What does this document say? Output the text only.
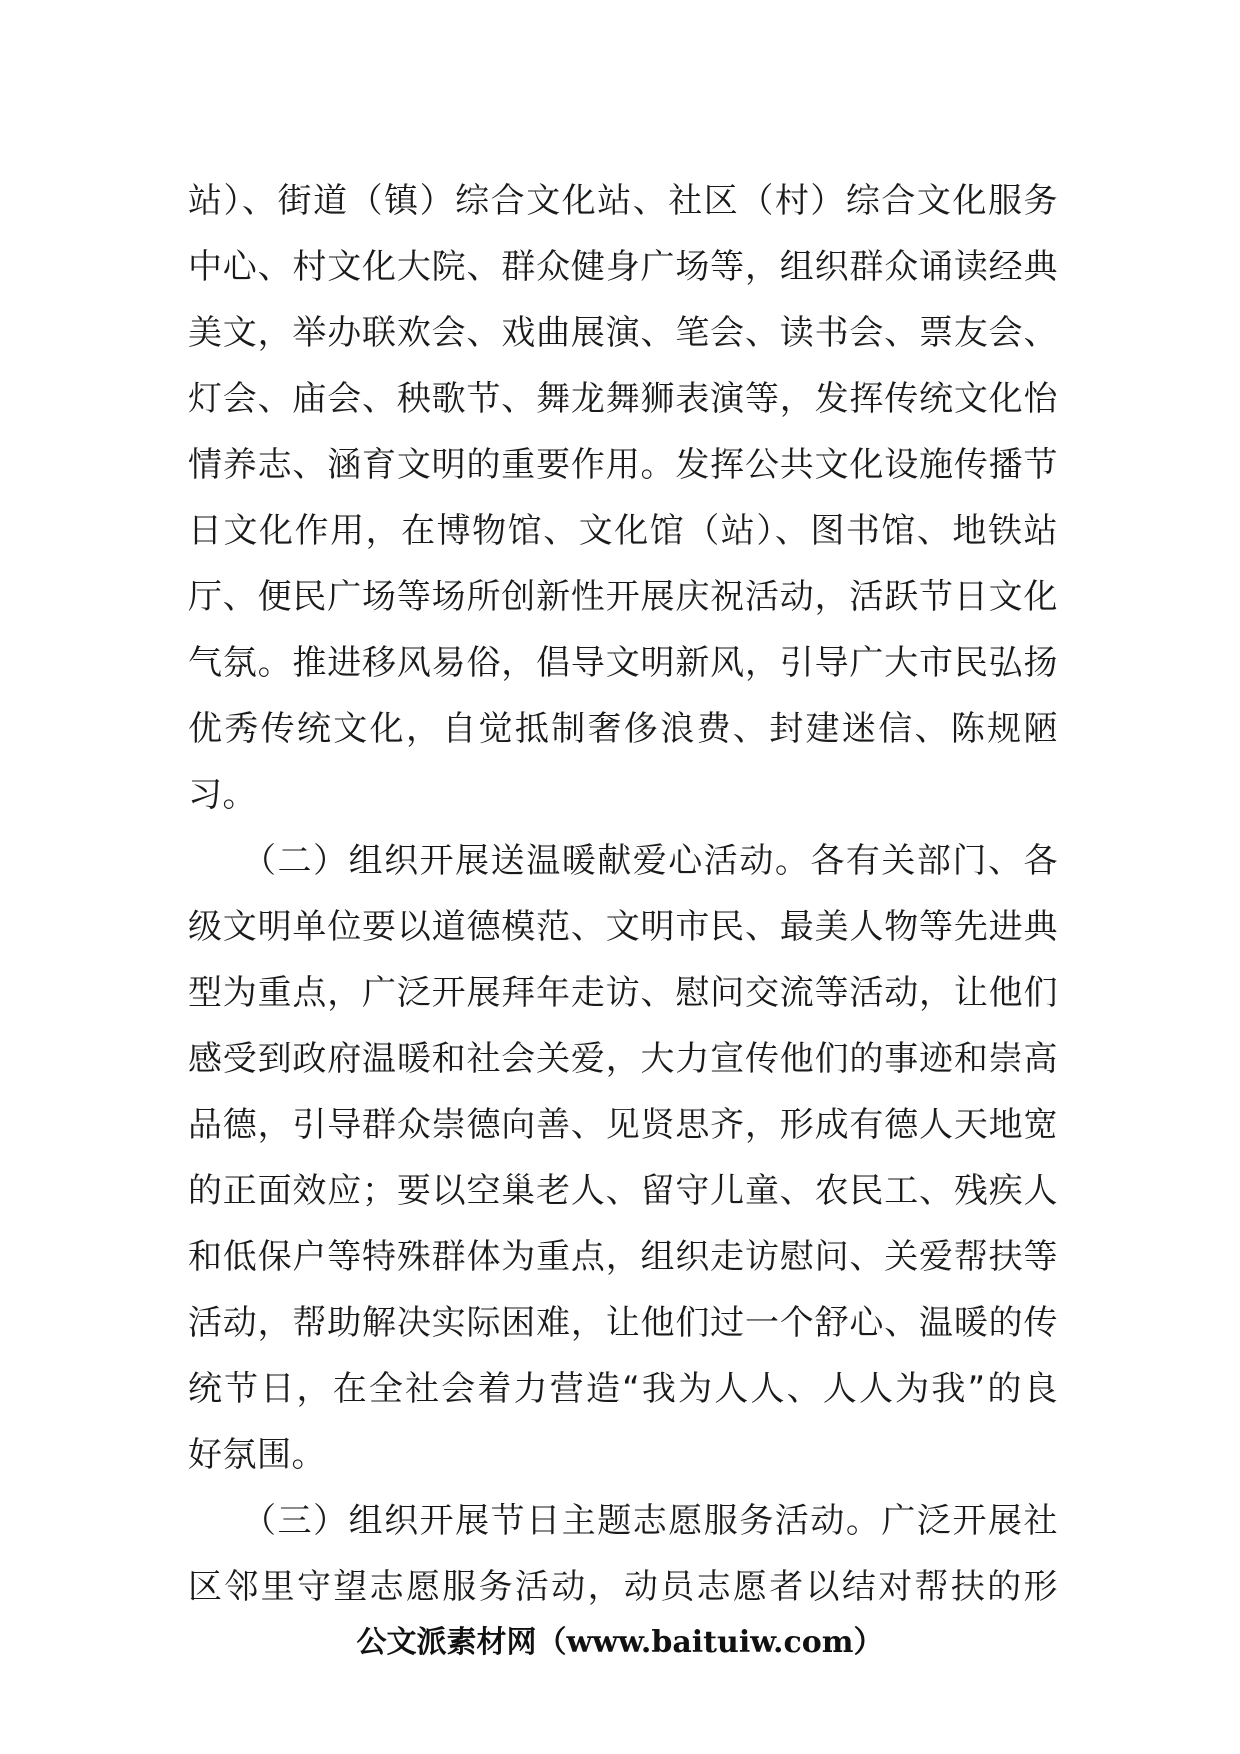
站）、街道（镇）综合文化站、社区（村）综合文化服务
中心、村文化大院、群众健身广场等，组织群众诵读经典
美文，举办联欢会、戏曲展演、笔会、读书会、票友会、
灯会、庙会、秧歌节、舞龙舞狮表演等，发挥传统文化怡
情养志、涵育文明的重要作用。发挥公共文化设施传播节
日文化作用，在博物馆、文化馆（站）、图书馆、地铁站
厅、便民广场等场所创新性开展庆祝活动，活跃节日文化
气氛。推进移风易俗，倡导文明新风，引导广大市民弘扬
优秀传统文化，自觉抵制奢侈浪费、封建迷信、陈规陋
习。
　　（二）组织开展送温暖献爱心活动。各有关部门、各
级文明单位要以道德模范、文明市民、最美人物等先进典
型为重点，广泛开展拜年走访、慰问交流等活动，让他们
感受到政府温暖和社会关爱，大力宣传他们的事迹和崇高
品德，引导群众崇德向善、见贤思齐，形成有德人天地宽
的正面效应；要以空巢老人、留守儿童、农民工、残疾人
和低保户等特殊群体为重点，组织走访慰问、关爱帮扶等
活动，帮助解决实际困难，让他们过一个舒心、温暖的传
统节日，在全社会着力营造“我为人人、人人为我”的良
好氛围。
　　（三）组织开展节日主题志愿服务活动。广泛开展社
区邻里守望志愿服务活动，动员志愿者以结对帮扶的形
公文派素材网（www.baituiw.com）
